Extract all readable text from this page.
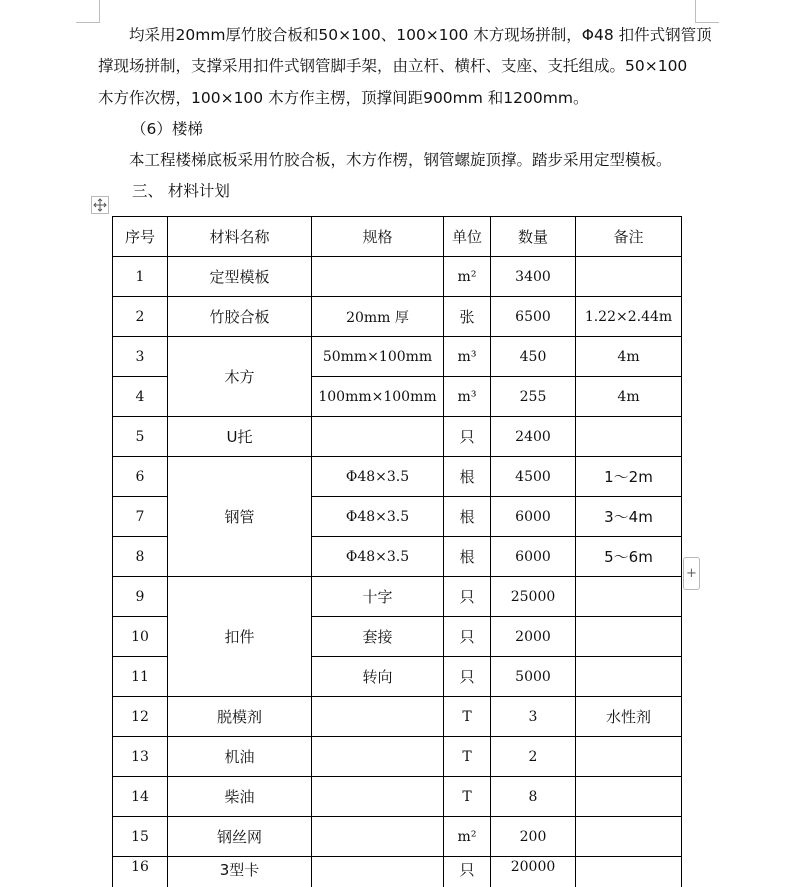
均采用20mm厚竹胶合板和50×100、100×100 木方现场拼制，Φ48 扣件式钢管顶
撑现场拼制，支撑采用扣件式钢管脚手架，由立杆、横杆、支座、支托组成。50×100
木方作次楞，100×100 木方作主楞，顶撑间距900mm 和1200mm。
（6）楼梯
本工程楼梯底板采用竹胶合板，木方作楞，钢管螺旋顶撑。踏步采用定型模板。
三、 材料计划
+
序号	材料名称	规格	单位	数量	备注
1	定型模板		m²	3400	
2	竹胶合板	20mm 厚	张	6500	1.22×2.44m
3	木方	50mm×100mm	m³	450	4m
4		100mm×100mm	m³	255	4m
5	U托		只	2400	
6	钢管	Φ48×3.5	根	4500	1～2m
7		Φ48×3.5	根	6000	3～4m
8		Φ48×3.5	根	6000	5～6m
9	扣件	十字	只	25000	
10		套接	只	2000	
11		转向	只	5000	
12	脱模剂		T	3	水性剂
13	机油		T	2	
14	柴油		T	8	
15	钢丝网		m²	200	
16	3型卡		只	20000	
